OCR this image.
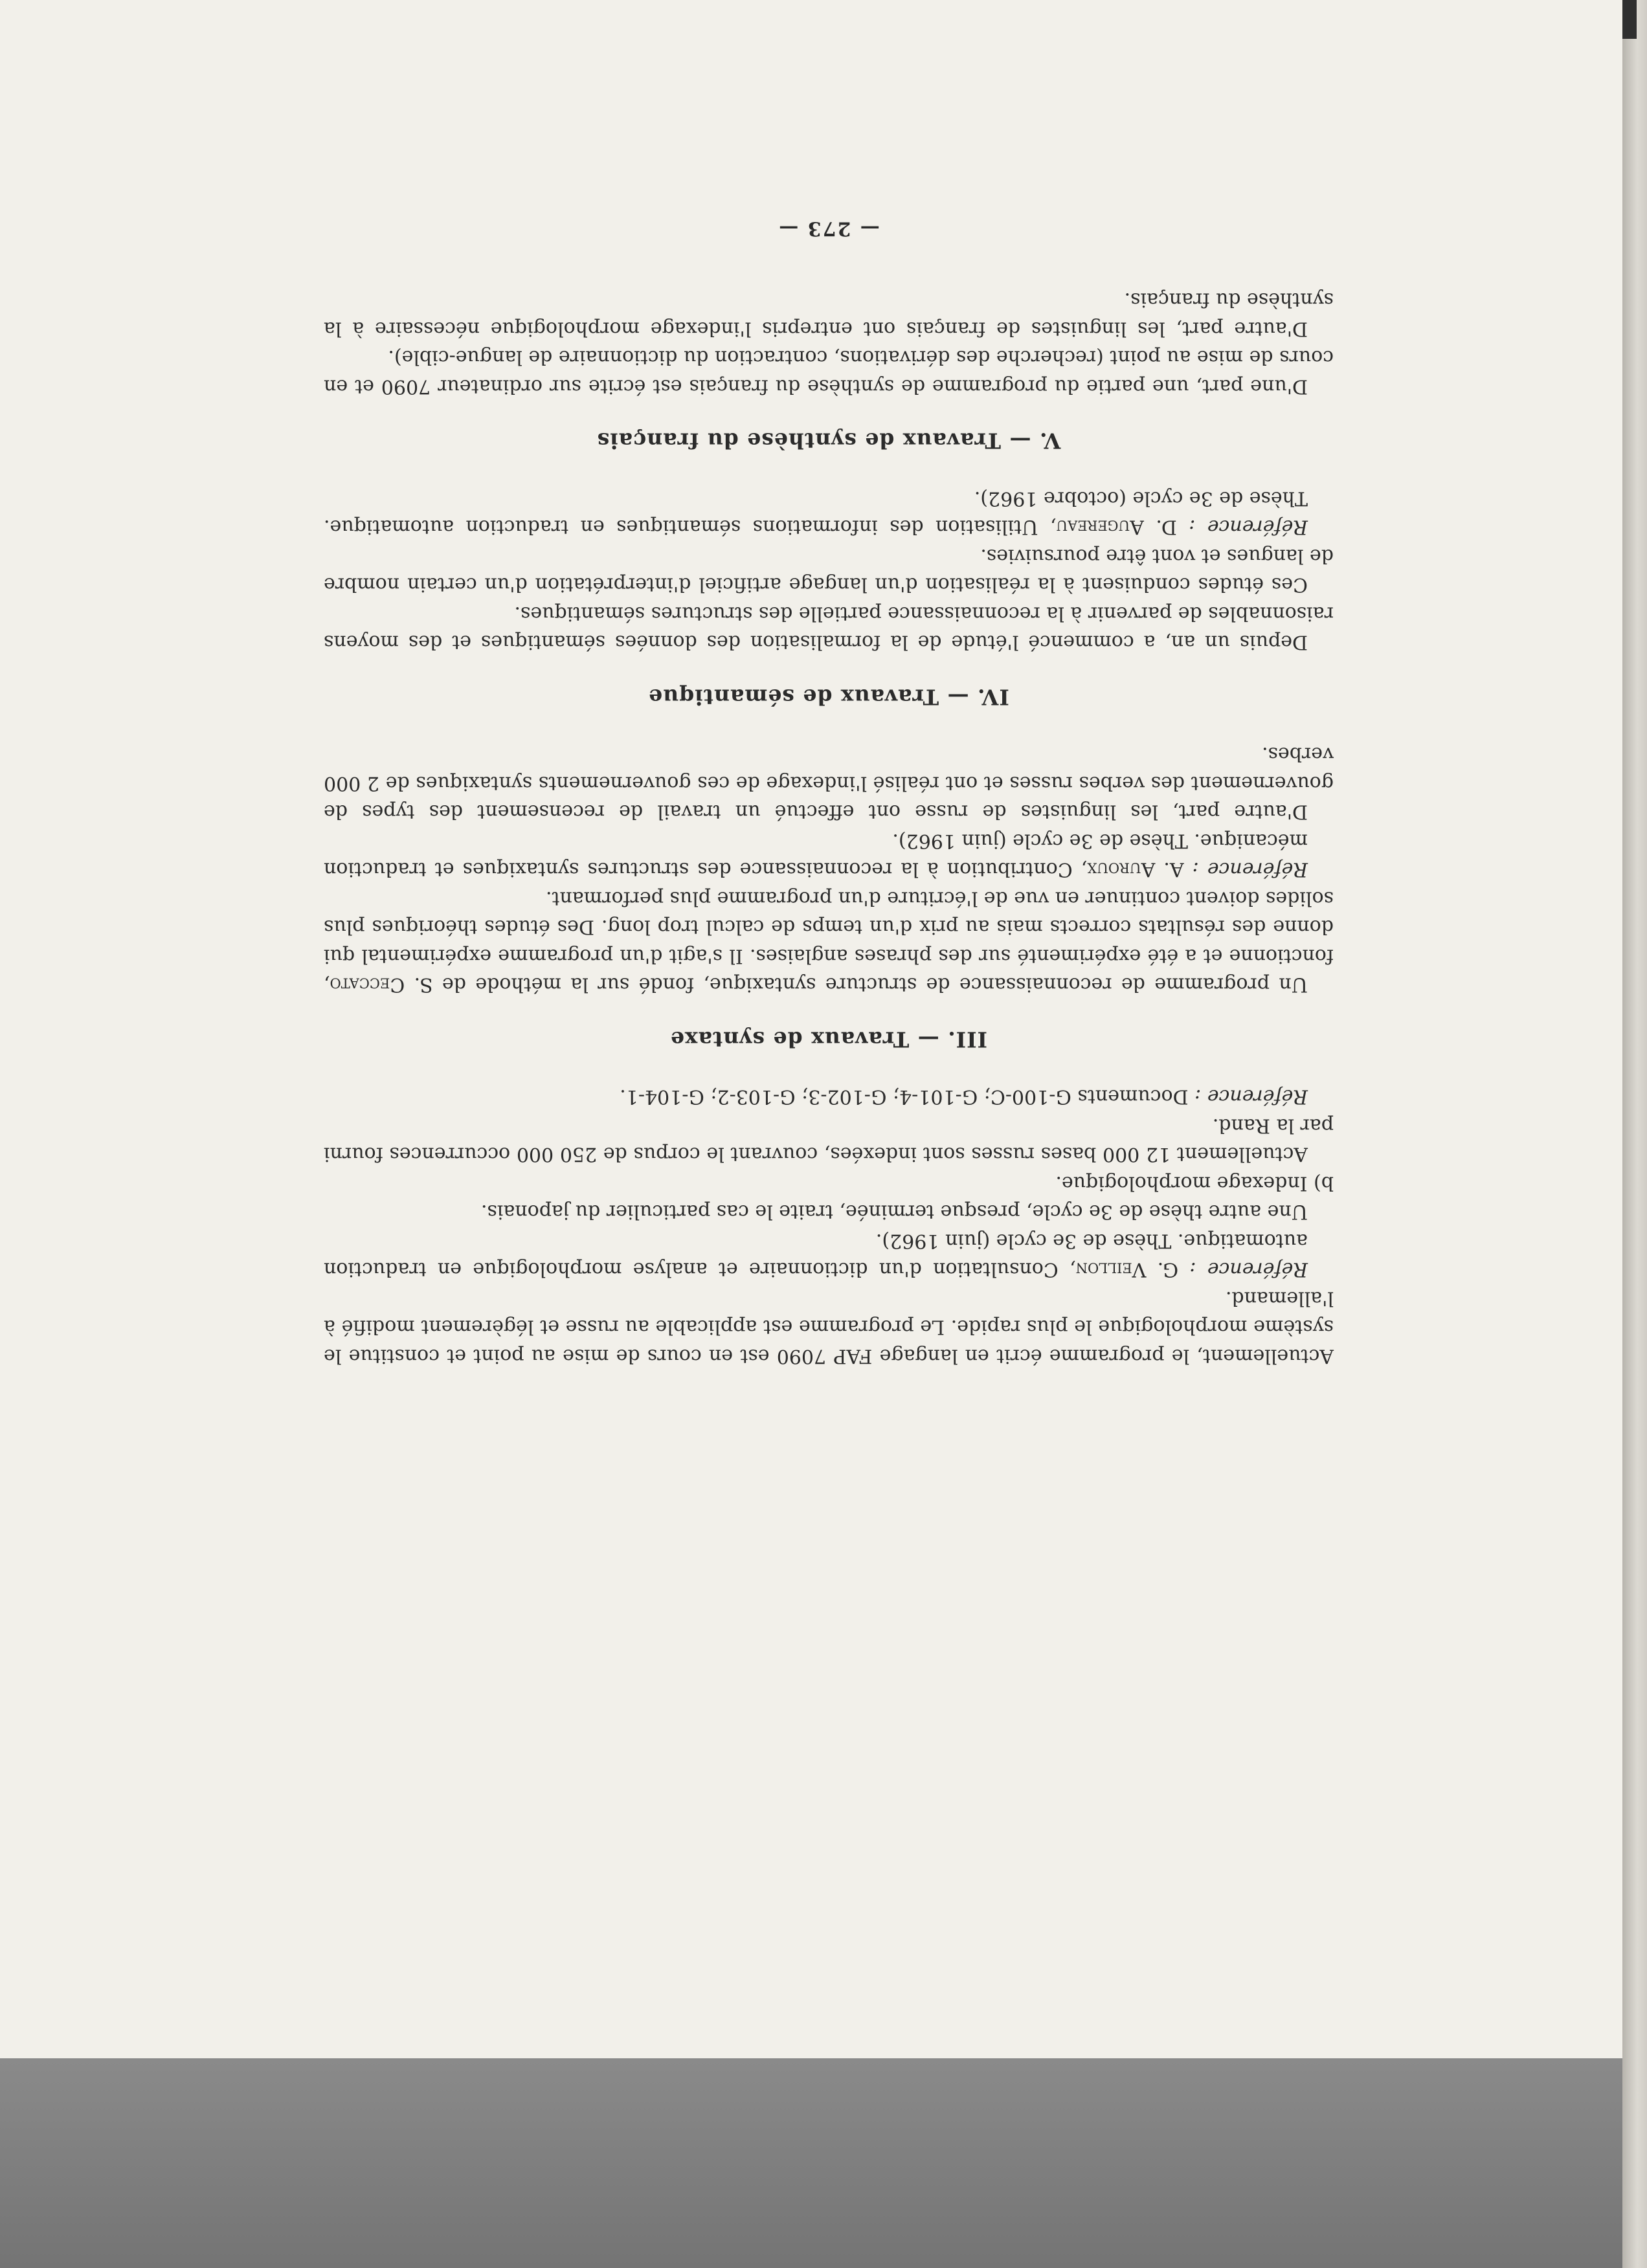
Actuellement, le programme écrit en langage FAP 7090 est en cours de mise au point et constitue le système morphologique le plus rapide. Le programme est applicable au russe et légèrement modifié à l'allemand.

Référence : G. Veillon, Consultation d'un dictionnaire et analyse morphologique en traduction automatique. Thèse de 3e cycle (juin 1962).

Une autre thèse de 3e cycle, presque terminée, traite le cas particulier du japonais.

b) Indexage morphologique.

Actuellement 12 000 bases russes sont indexées, couvrant le corpus de 250 000 occurrences fourni par la Rand.

Référence : Documents G-100-C; G-101-4; G-102-3; G-103-2; G-104-1.

III. — Travaux de syntaxe

Un programme de reconnaissance de structure syntaxique, fondé sur la méthode de S. Ceccato, fonctionne et a été expérimenté sur des phrases anglaises. Il s'agit d'un programme expérimental qui donne des résultats corrects mais au prix d'un temps de calcul trop long. Des études théoriques plus solides doivent continuer en vue de l'écriture d'un programme plus performant.

Référence : A. Auroux, Contribution à la reconnaissance des structures syntaxiques et traduction mécanique. Thèse de 3e cycle (juin 1962).

D'autre part, les linguistes de russe ont effectué un travail de recensement des types de gouvernement des verbes russes et ont réalisé l'indexage de ces gouvernements syntaxiques de 2 000 verbes.

IV. — Travaux de sémantique

Depuis un an, a commencé l'étude de la formalisation des données sémantiques et des moyens raisonnables de parvenir à la reconnaissance partielle des structures sémantiques.

Ces études conduisent à la réalisation d'un langage artificiel d'interprétation d'un certain nombre de langues et vont être poursuivies.

Référence : D. Augereau, Utilisation des informations sémantiques en traduction automatique. Thèse de 3e cycle (octobre 1962).

V. — Travaux de synthèse du français

D'une part, une partie du programme de synthèse du français est écrite sur ordinateur 7090 et en cours de mise au point (recherche des dérivations, contraction du dictionnaire de langue-cible).

D'autre part, les linguistes de français ont entrepris l'indexage morphologique nécessaire à la synthèse du français.

— 273 —
